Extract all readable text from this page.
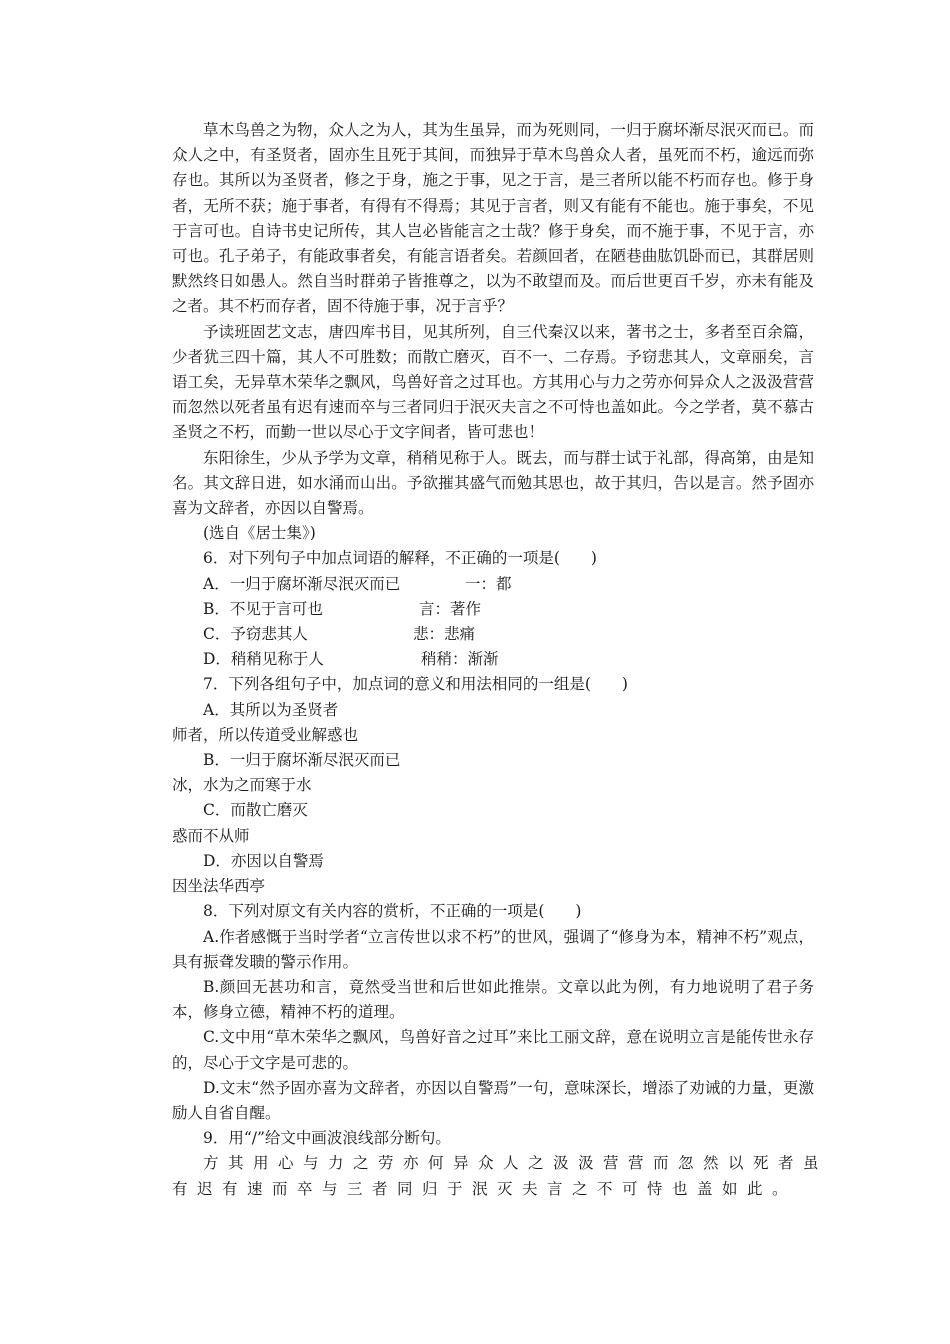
草木鸟兽之为物，众人之为人，其为生虽异，而为死则同，一归于腐坏渐尽泯灭而已。而众人之中，有圣贤者，固亦生且死于其间，而独异于草木鸟兽众人者，虽死而不朽，逾远而弥存也。其所以为圣贤者，修之于身，施之于事，见之于言，是三者所以能不朽而存也。修于身者，无所不获；施于事者，有得有不得焉；其见于言者，则又有能有不能也。施于事矣，不见于言可也。自诗书史记所传，其人岂必皆能言之士哉？修于身矣，而不施于事，不见于言，亦可也。孔子弟子，有能政事者矣，有能言语者矣。若颜回者，在陋巷曲肱饥卧而已，其群居则默然终日如愚人。然自当时群弟子皆推尊之，以为不敢望而及。而后世更百千岁，亦未有能及之者。其不朽而存者，固不待施于事，况于言乎？

予读班固艺文志，唐四库书目，见其所列，自三代秦汉以来，著书之士，多者至百余篇，少者犹三四十篇，其人不可胜数；而散亡磨灭，百不一、二存焉。予窃悲其人，文章丽矣，言语工矣，无异草木荣华之飘风，鸟兽好音之过耳也。方其用心与力之劳亦何异众人之汲汲营营而忽然以死者虽有迟有速而卒与三者同归于泯灭夫言之不可恃也盖如此。今之学者，莫不慕古圣贤之不朽，而勤一世以尽心于文字间者，皆可悲也！

东阳徐生，少从予学为文章，稍稍见称于人。既去，而与群士试于礼部，得高第，由是知名。其文辞日进，如水涌而山出。予欲摧其盛气而勉其思也，故于其归，告以是言。然予固亦喜为文辞者，亦因以自警焉。

(选自《居士集》)

6．对下列句子中加点词语的解释，不正确的一项是(　　)

A．一归于腐坏渐尽泯灭而已	一：都
B．不见于言可也	言：著作
C．予窃悲其人	悲：悲痛
D．稍稍见称于人	稍稍：渐渐

7．下列各组句子中，加点词的意义和用法相同的一组是(　　)

A．其所以为圣贤者

师者，所以传道受业解惑也

B．一归于腐坏渐尽泯灭而已

冰，水为之而寒于水

C．而散亡磨灭

惑而不从师

D．亦因以自警焉

因坐法华西亭

8．下列对原文有关内容的赏析，不正确的一项是(　　)

A.作者感慨于当时学者“立言传世以求不朽”的世风，强调了“修身为本，精神不朽”观点，具有振聋发聩的警示作用。

B.颜回无甚功和言，竟然受当世和后世如此推崇。文章以此为例，有力地说明了君子务本，修身立德，精神不朽的道理。

C.文中用“草木荣华之飘风，鸟兽好音之过耳”来比工丽文辞，意在说明立言是能传世永存的，尽心于文字是可悲的。

D.文末“然予固亦喜为文辞者，亦因以自警焉”一句，意味深长，增添了劝诫的力量，更激励人自省自醒。

9．用“/”给文中画波浪线部分断句。

方其用心与力之劳亦何异众人之汲汲营营而忽然以死者虽

有迟有速而卒与三者同归于泯灭夫言之不可恃也盖如此。
